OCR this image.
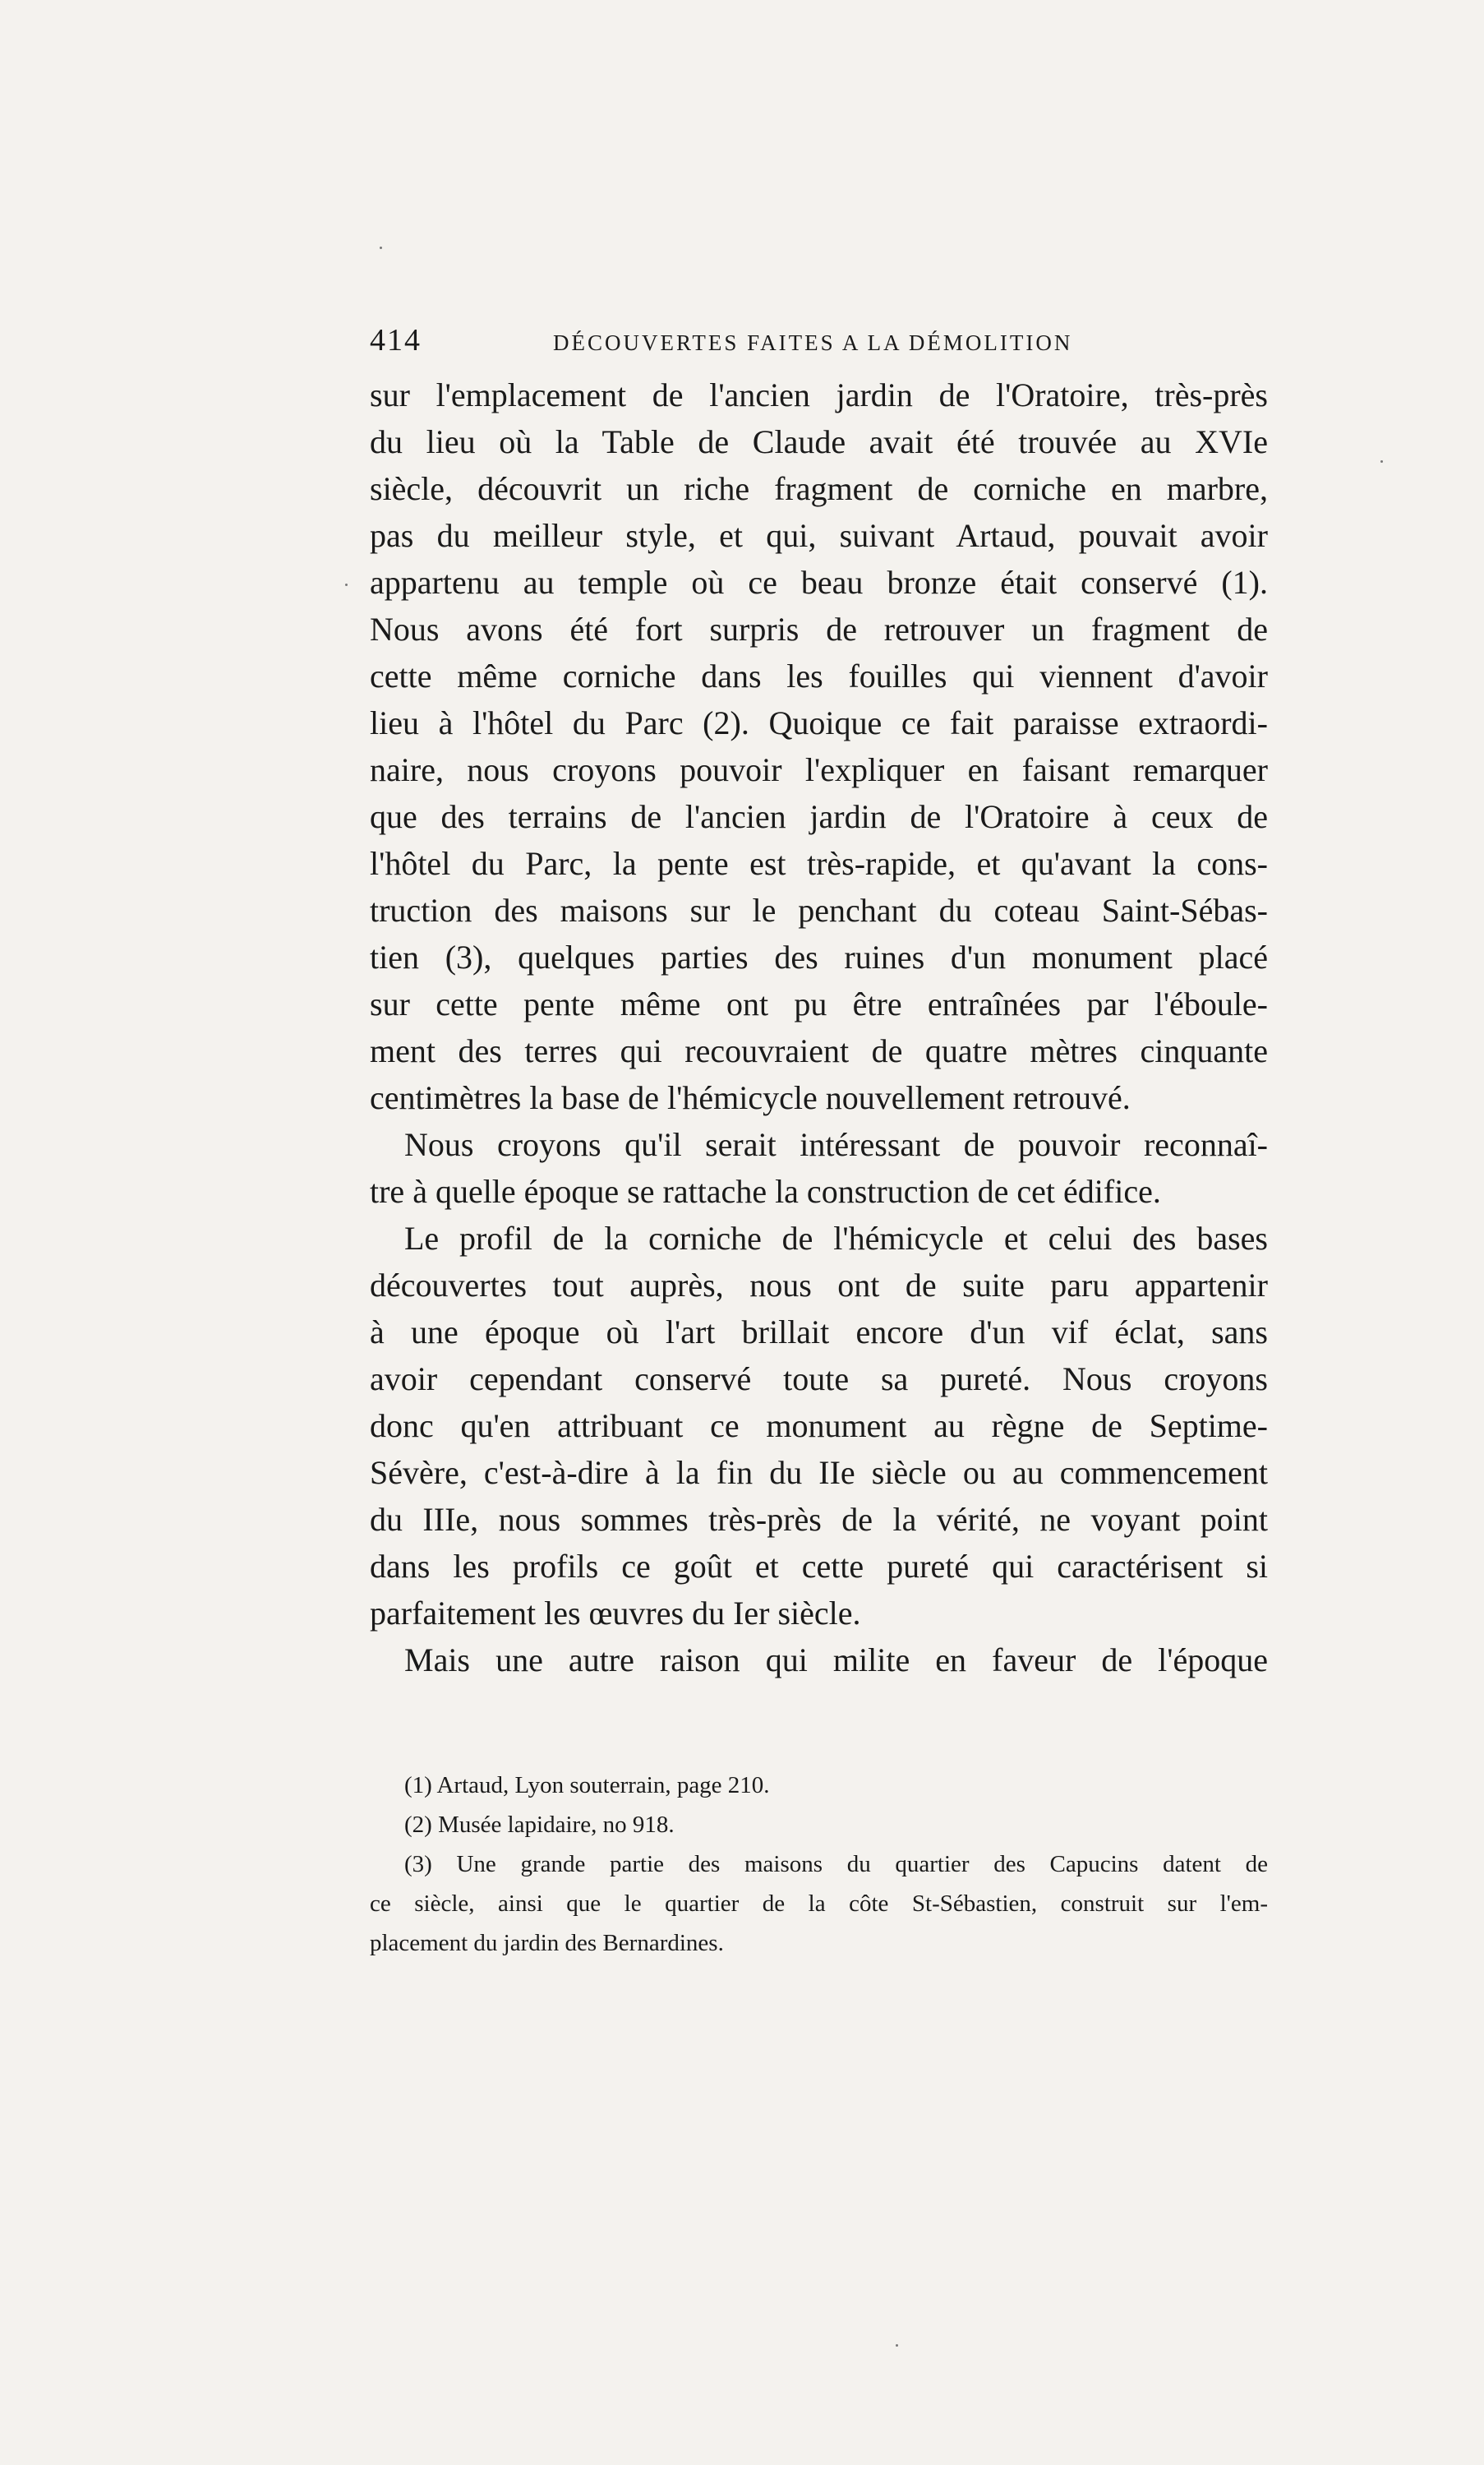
414	DÉCOUVERTES FAITES A LA DÉMOLITION
sur l'emplacement de l'ancien jardin de l'Oratoire, très-près
du lieu où la Table de Claude avait été trouvée au XVIe
siècle, découvrit un riche fragment de corniche en marbre,
pas du meilleur style, et qui, suivant Artaud, pouvait avoir
appartenu au temple où ce beau bronze était conservé (1).
Nous avons été fort surpris de retrouver un fragment de
cette même corniche dans les fouilles qui viennent d'avoir
lieu à l'hôtel du Parc (2). Quoique ce fait paraisse extraordi-
naire, nous croyons pouvoir l'expliquer en faisant remarquer
que des terrains de l'ancien jardin de l'Oratoire à ceux de
l'hôtel du Parc, la pente est très-rapide, et qu'avant la cons-
truction des maisons sur le penchant du coteau Saint-Sébas-
tien (3), quelques parties des ruines d'un monument placé
sur cette pente même ont pu être entraînées par l'éboule-
ment des terres qui recouvraient de quatre mètres cinquante
centimètres la base de l'hémicycle nouvellement retrouvé.
Nous croyons qu'il serait intéressant de pouvoir reconnaî-
tre à quelle époque se rattache la construction de cet édifice.
Le profil de la corniche de l'hémicycle et celui des bases
découvertes tout auprès, nous ont de suite paru appartenir
à une époque où l'art brillait encore d'un vif éclat, sans
avoir cependant conservé toute sa pureté. Nous croyons
donc qu'en attribuant ce monument au règne de Septime-
Sévère, c'est-à-dire à la fin du IIe siècle ou au commencement
du IIIe, nous sommes très-près de la vérité, ne voyant point
dans les profils ce goût et cette pureté qui caractérisent si
parfaitement les œuvres du Ier siècle.
Mais une autre raison qui milite en faveur de l'époque
(1) Artaud, Lyon souterrain, page 210.
(2) Musée lapidaire, no 918.
(3) Une grande partie des maisons du quartier des Capucins datent de
ce siècle, ainsi que le quartier de la côte St-Sébastien, construit sur l'em-
placement du jardin des Bernardines.
